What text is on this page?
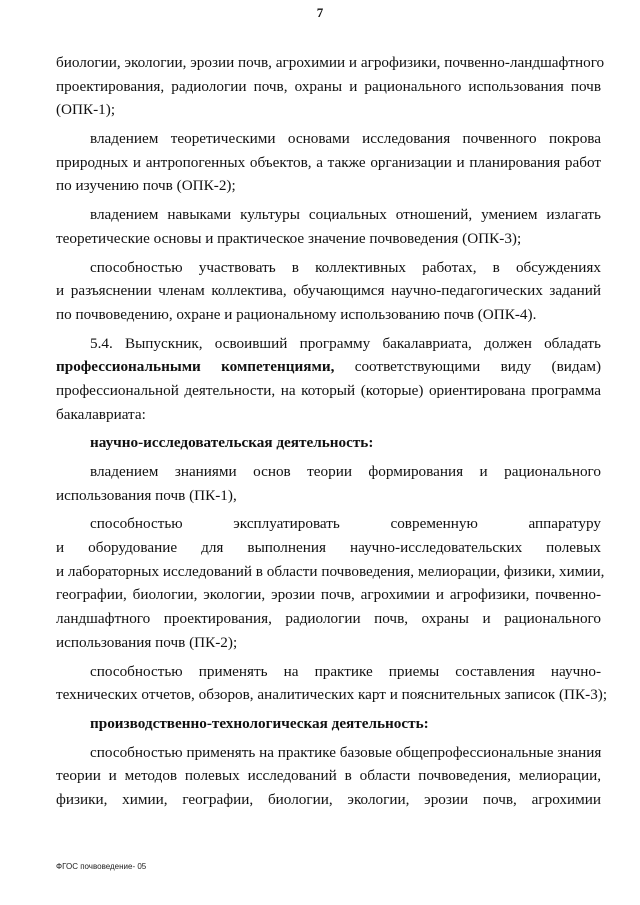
7
биологии, экологии, эрозии почв, агрохимии и агрофизики, почвенно-ландшафтного
проектирования, радиологии почв, охраны и рационального использования почв
(ОПК-1);
владением теоретическими основами исследования почвенного покрова
природных и антропогенных объектов, а также организации и планирования работ
по изучению почв (ОПК-2);
владением навыками культуры социальных отношений, умением излагать
теоретические основы и практическое значение почвоведения (ОПК-3);
способностью участвовать в коллективных работах, в обсуждениях
и разъяснении членам коллектива, обучающимся научно-педагогических заданий
по почвоведению, охране и рациональному использованию почв (ОПК-4).
5.4. Выпускник, освоивший программу бакалавриата, должен обладать
профессиональными компетенциями, соответствующими виду (видам)
профессиональной деятельности, на который (которые) ориентирована программа
бакалавриата:
научно-исследовательская деятельность:
владением знаниями основ теории формирования и рационального
использования почв (ПК-1),
способностью эксплуатировать современную аппаратуру
и оборудование для выполнения научно-исследовательских полевых
и лабораторных исследований в области почвоведения, мелиорации, физики, химии,
географии, биологии, экологии, эрозии почв, агрохимии и агрофизики, почвенно-
ландшафтного проектирования, радиологии почв, охраны и рационального
использования почв (ПК-2);
способностью применять на практике приемы составления научно-
технических отчетов, обзоров, аналитических карт и пояснительных записок (ПК-3);
производственно-технологическая деятельность:
способностью применять на практике базовые общепрофессиональные знания
теории и методов полевых исследований в области почвоведения, мелиорации,
физики, химии, географии, биологии, экологии, эрозии почв, агрохимии
ФГОС почвоведение- 05
